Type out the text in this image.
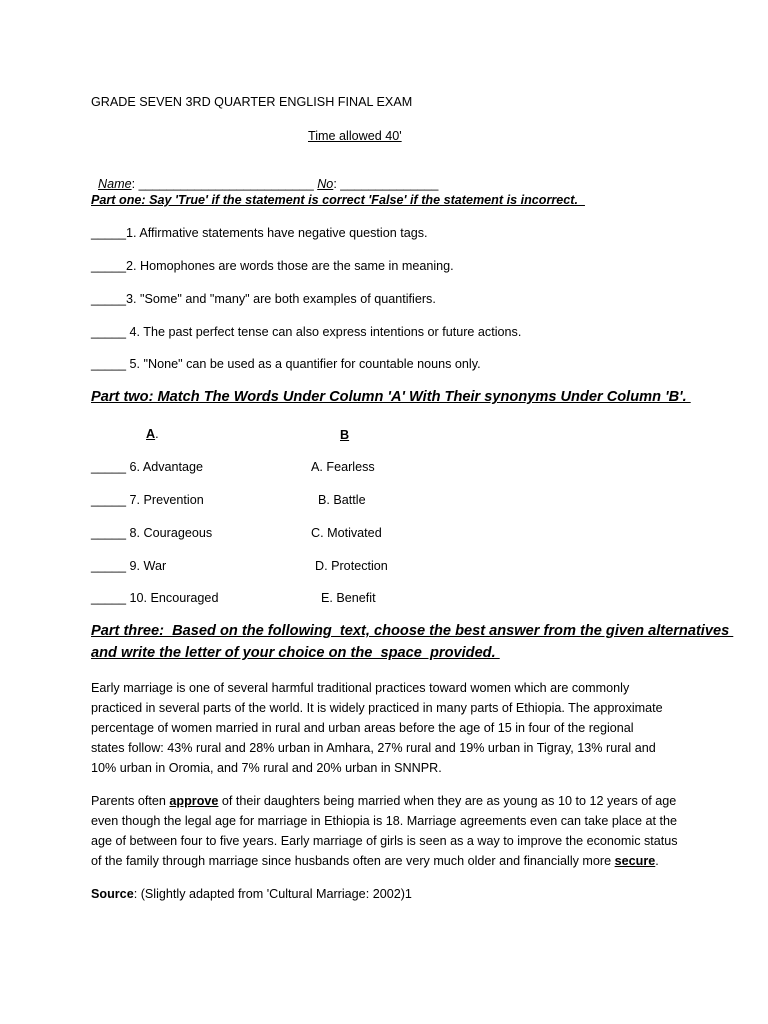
GRADE SEVEN 3RD QUARTER ENGLISH FINAL EXAM
Time allowed 40'

Name: _________________________ No: ______________

Part one: Say 'True' if the statement is correct 'False' if the statement is incorrect.
_____1. Affirmative statements have negative question tags.
_____2. Homophones are words those are the same in meaning.
_____3. "Some" and "many" are both examples of quantifiers.
_____ 4. The past perfect tense can also express intentions or future actions.
_____ 5. "None" can be used as a quantifier for countable nouns only.
Part two: Match The Words Under Column 'A' With Their synonyms Under Column 'B'.
A.	B
_____ 6. Advantage	A. Fearless
_____ 7. Prevention	B. Battle
_____ 8. Courageous	C. Motivated
_____ 9. War	D. Protection
_____ 10. Encouraged	E. Benefit
Part three:  Based on the following  text, choose the best answer from the given alternatives
and write the letter of your choice on the  space  provided.
Early marriage is one of several harmful traditional practices toward women which are commonly
practiced in several parts of the world. It is widely practiced in many parts of Ethiopia. The approximate
percentage of women married in rural and urban areas before the age of 15 in four of the regional
states follow: 43% rural and 28% urban in Amhara, 27% rural and 19% urban in Tigray, 13% rural and
10% urban in Oromia, and 7% rural and 20% urban in SNNPR.
Parents often approve of their daughters being married when they are as young as 10 to 12 years of age
even though the legal age for marriage in Ethiopia is 18. Marriage agreements even can take place at the
age of between four to five years. Early marriage of girls is seen as a way to improve the economic status
of the family through marriage since husbands often are very much older and financially more secure.
Source: (Slightly adapted from 'Cultural Marriage: 2002)1
